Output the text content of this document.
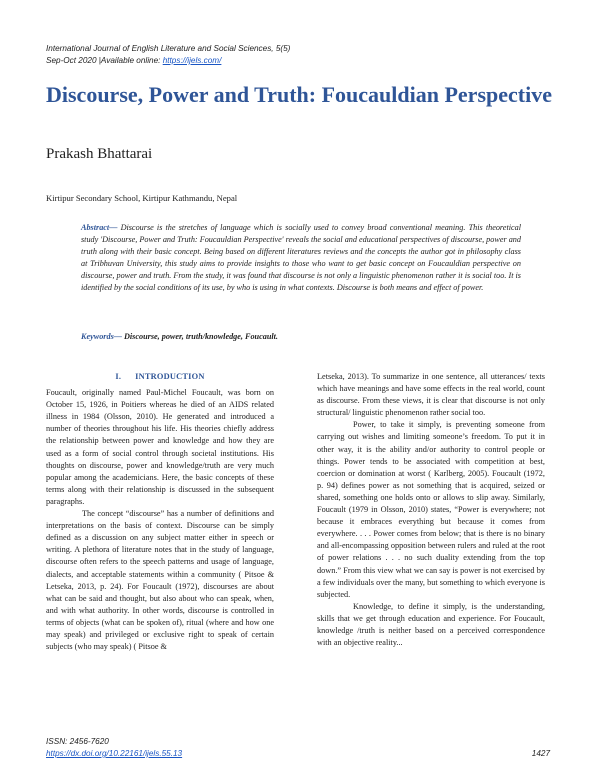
International Journal of English Literature and Social Sciences, 5(5)
Sep-Oct 2020 |Available online: https://ijels.com/
Discourse, Power and Truth: Foucauldian Perspective
Prakash Bhattarai
Kirtipur Secondary School, Kirtipur Kathmandu, Nepal
Abstract— Discourse is the stretches of language which is socially used to convey broad conventional meaning. This theoretical study 'Discourse, Power and Truth: Foucauldian Perspective' reveals the social and educational perspectives of discourse, power and truth along with their basic concept. Being based on different literatures reviews and the concepts the author got in philosophy class at Tribhuvan University, this study aims to provide insights to those who want to get basic concept on Foucauldian perspective on discourse, power and truth. From the study, it was found that discourse is not only a linguistic phenomenon rather it is social too. It is identified by the social conditions of its use, by who is using in what contexts. Discourse is both means and effect of power.
Keywords— Discourse, power, truth/knowledge, Foucault.
I. INTRODUCTION

Foucault, originally named Paul-Michel Foucault, was born on October 15, 1926, in Poitiers whereas he died of an AIDS related illness in 1984 (Olsson, 2010). He generated and introduced a number of theories throughout his life. His theories chiefly address the relationship between power and knowledge and how they are used as a form of social control through societal institutions. His thoughts on discourse, power and knowledge/truth are very much popular among the academicians. Here, the basic concepts of these terms along with their relationship is discussed in the subsequent paragraphs.

The concept “discourse” has a number of definitions and interpretations on the basis of context. Discourse can be simply defined as a discussion on any subject matter either in speech or writing. A plethora of literature notes that in the study of language, discourse often refers to the speech patterns and usage of language, dialects, and acceptable statements within a community ( Pitsoe & Letseka, 2013, p. 24). For Foucault (1972), discourses are about what can be said and thought, but also about who can speak, when, and with what authority. In other words, discourse is controlled in terms of objects (what can be spoken of), ritual (where and how one may speak) and privileged or exclusive right to speak of certain subjects (who may speak) ( Pitsoe &

Letseka, 2013). To summarize in one sentence, all utterances/ texts which have meanings and have some effects in the real world, count as discourse. From these views, it is clear that discourse is not only structural/ linguistic phenomenon rather social too.

Power, to take it simply, is preventing someone from carrying out wishes and limiting someone’s freedom. To put it in other way, it is the ability and/or authority to control people or things. Power tends to be associated with competition at best, coercion or domination at worst ( Karlberg, 2005). Foucault (1972, p. 94) defines power as not something that is acquired, seized or shared, something one holds onto or allows to slip away. Similarly, Foucault (1979 in Olsson, 2010) states, “Power is everywhere; not because it embraces everything but because it comes from everywhere. . . . Power comes from below; that is there is no binary and all-encompassing opposition between rulers and ruled at the root of power relations . . . no such duality extending from the top down.” From this view what we can say is power is not exercised by a few individuals over the many, but something to which everyone is subjected.

Knowledge, to define it simply, is the understanding, skills that we get through education and experience. For Foucault, knowledge /truth is neither based on a perceived correspondence with an objective reality...

ISSN: 2456-7620
https://dx.doi.org/10.22161/ijels.55.13	1427
